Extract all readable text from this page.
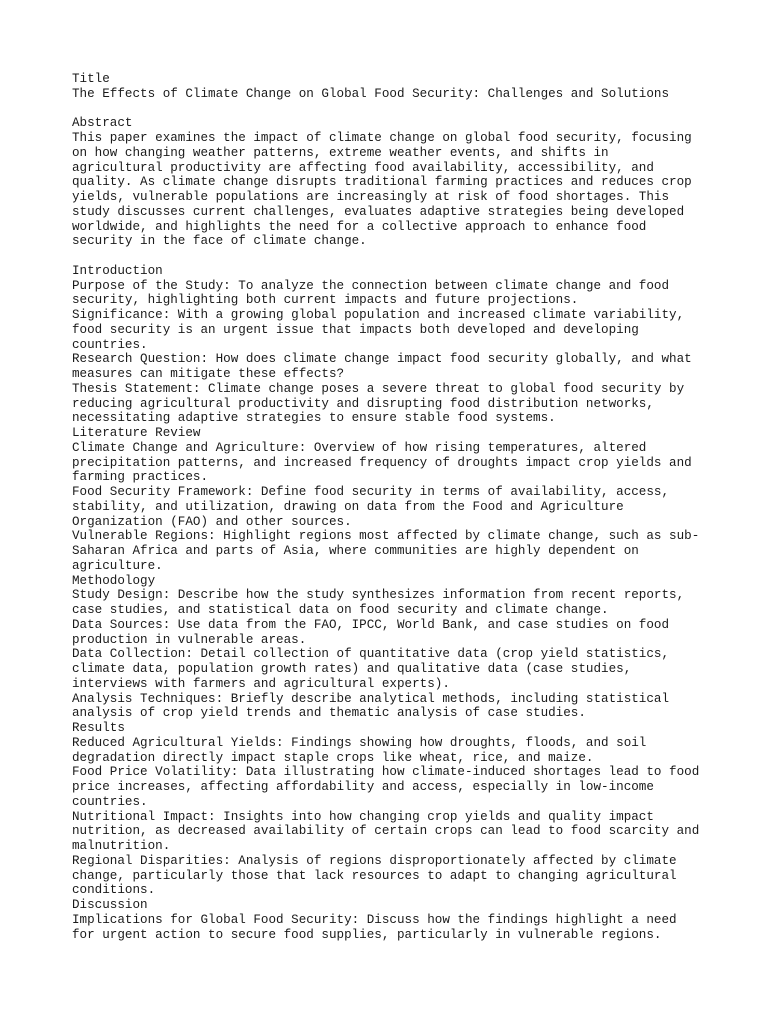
Title
The Effects of Climate Change on Global Food Security: Challenges and Solutions

Abstract
This paper examines the impact of climate change on global food security, focusing
on how changing weather patterns, extreme weather events, and shifts in
agricultural productivity are affecting food availability, accessibility, and
quality. As climate change disrupts traditional farming practices and reduces crop
yields, vulnerable populations are increasingly at risk of food shortages. This
study discusses current challenges, evaluates adaptive strategies being developed
worldwide, and highlights the need for a collective approach to enhance food
security in the face of climate change.

Introduction
Purpose of the Study: To analyze the connection between climate change and food
security, highlighting both current impacts and future projections.
Significance: With a growing global population and increased climate variability,
food security is an urgent issue that impacts both developed and developing
countries.
Research Question: How does climate change impact food security globally, and what
measures can mitigate these effects?
Thesis Statement: Climate change poses a severe threat to global food security by
reducing agricultural productivity and disrupting food distribution networks,
necessitating adaptive strategies to ensure stable food systems.
Literature Review
Climate Change and Agriculture: Overview of how rising temperatures, altered
precipitation patterns, and increased frequency of droughts impact crop yields and
farming practices.
Food Security Framework: Define food security in terms of availability, access,
stability, and utilization, drawing on data from the Food and Agriculture
Organization (FAO) and other sources.
Vulnerable Regions: Highlight regions most affected by climate change, such as sub-
Saharan Africa and parts of Asia, where communities are highly dependent on
agriculture.
Methodology
Study Design: Describe how the study synthesizes information from recent reports,
case studies, and statistical data on food security and climate change.
Data Sources: Use data from the FAO, IPCC, World Bank, and case studies on food
production in vulnerable areas.
Data Collection: Detail collection of quantitative data (crop yield statistics,
climate data, population growth rates) and qualitative data (case studies,
interviews with farmers and agricultural experts).
Analysis Techniques: Briefly describe analytical methods, including statistical
analysis of crop yield trends and thematic analysis of case studies.
Results
Reduced Agricultural Yields: Findings showing how droughts, floods, and soil
degradation directly impact staple crops like wheat, rice, and maize.
Food Price Volatility: Data illustrating how climate-induced shortages lead to food
price increases, affecting affordability and access, especially in low-income
countries.
Nutritional Impact: Insights into how changing crop yields and quality impact
nutrition, as decreased availability of certain crops can lead to food scarcity and
malnutrition.
Regional Disparities: Analysis of regions disproportionately affected by climate
change, particularly those that lack resources to adapt to changing agricultural
conditions.
Discussion
Implications for Global Food Security: Discuss how the findings highlight a need
for urgent action to secure food supplies, particularly in vulnerable regions.
